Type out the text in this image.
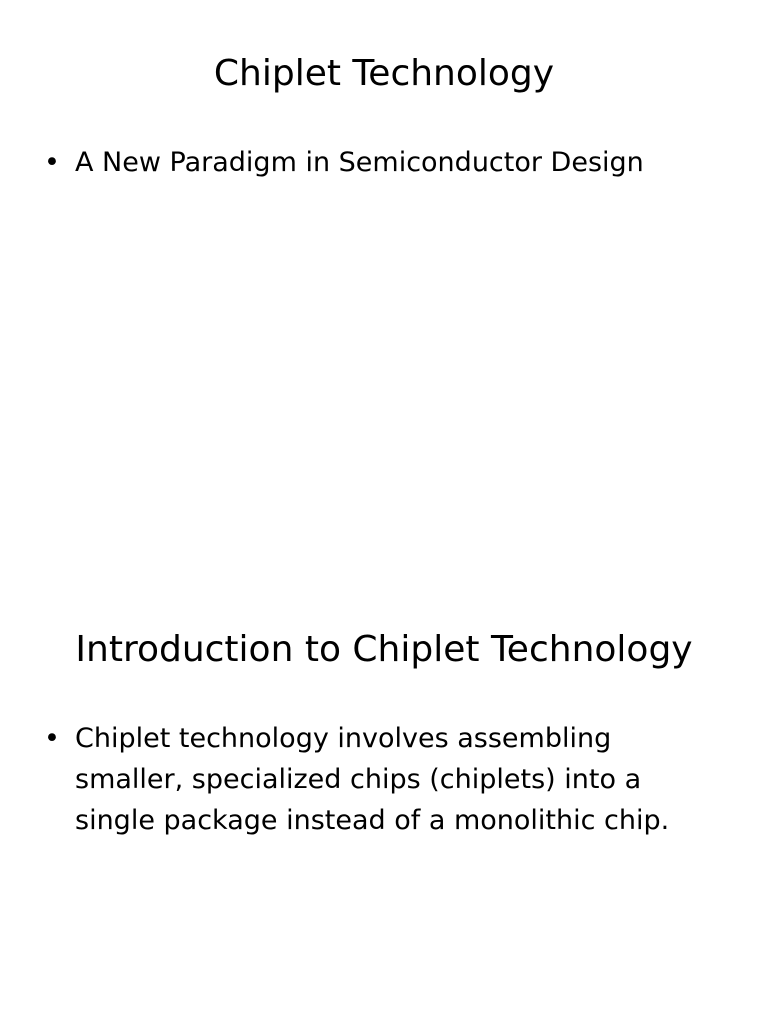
Chiplet Technology
• A New Paradigm in Semiconductor Design
Introduction to Chiplet Technology
• Chiplet technology involves assembling smaller, specialized chips (chiplets) into a single package instead of a monolithic chip.
